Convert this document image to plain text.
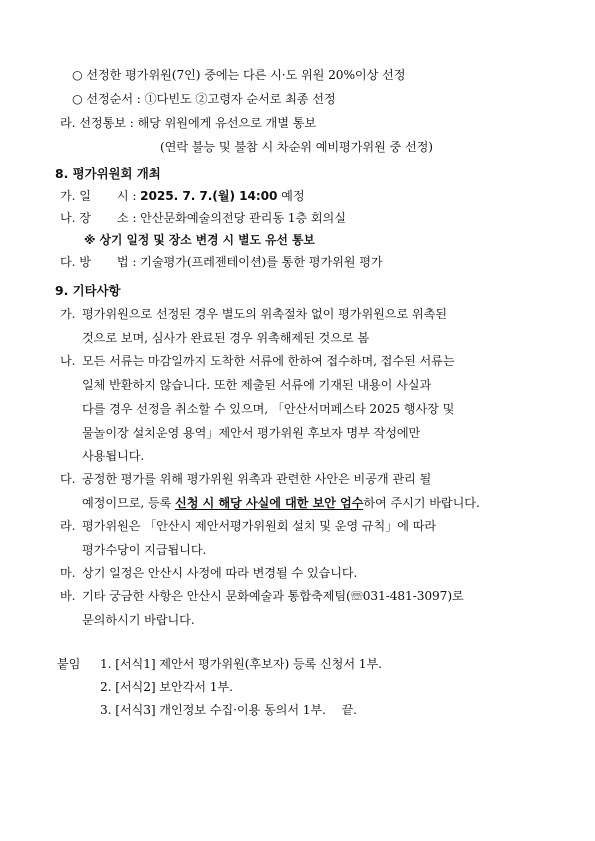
○ 선정한 평가위원(7인) 중에는 다른 시·도 위원 20%이상 선정
○ 선정순서 : ①다빈도 ②고령자 순서로 최종 선정
라. 선정통보 : 해당 위원에게 유선으로 개별 통보
(연락 불능 및 불참 시 차순위 예비평가위원 중 선정)
8. 평가위원회 개최
가. 일 시 : 2025. 7. 7.(월) 14:00 예정
나. 장 소 : 안산문화예술의전당 관리동 1층 회의실
※ 상기 일정 및 장소 변경 시 별도 유선 통보
다. 방 법 : 기술평가(프레젠테이션)를 통한 평가위원 평가
9. 기타사항
가. 평가위원으로 선정된 경우 별도의 위촉절차 없이 평가위원으로 위촉된
것으로 보며, 심사가 완료된 경우 위촉해제된 것으로 봄
나. 모든 서류는 마감일까지 도착한 서류에 한하여 접수하며, 접수된 서류는
일체 반환하지 않습니다. 또한 제출된 서류에 기재된 내용이 사실과
다를 경우 선정을 취소할 수 있으며, 「안산서머페스타 2025 행사장 및
물놀이장 설치운영 용역」제안서 평가위원 후보자 명부 작성에만
사용됩니다.
다. 공정한 평가를 위해 평가위원 위촉과 관련한 사안은 비공개 관리 될
예정이므로, 등록 신청 시 해당 사실에 대한 보안 엄수하여 주시기 바랍니다.
라. 평가위원은 「안산시 제안서평가위원회 설치 및 운영 규칙」에 따라
평가수당이 지급됩니다.
마. 상기 일정은 안산시 사정에 따라 변경될 수 있습니다.
바. 기타 궁금한 사항은 안산시 문화예술과 통합축제팀(☏031-481-3097)로
문의하시기 바랍니다.
붙임 1. [서식1] 제안서 평가위원(후보자) 등록 신청서 1부.
2. [서식2] 보안각서 1부.
3. [서식3] 개인정보 수집·이용 동의서 1부. 끝.
